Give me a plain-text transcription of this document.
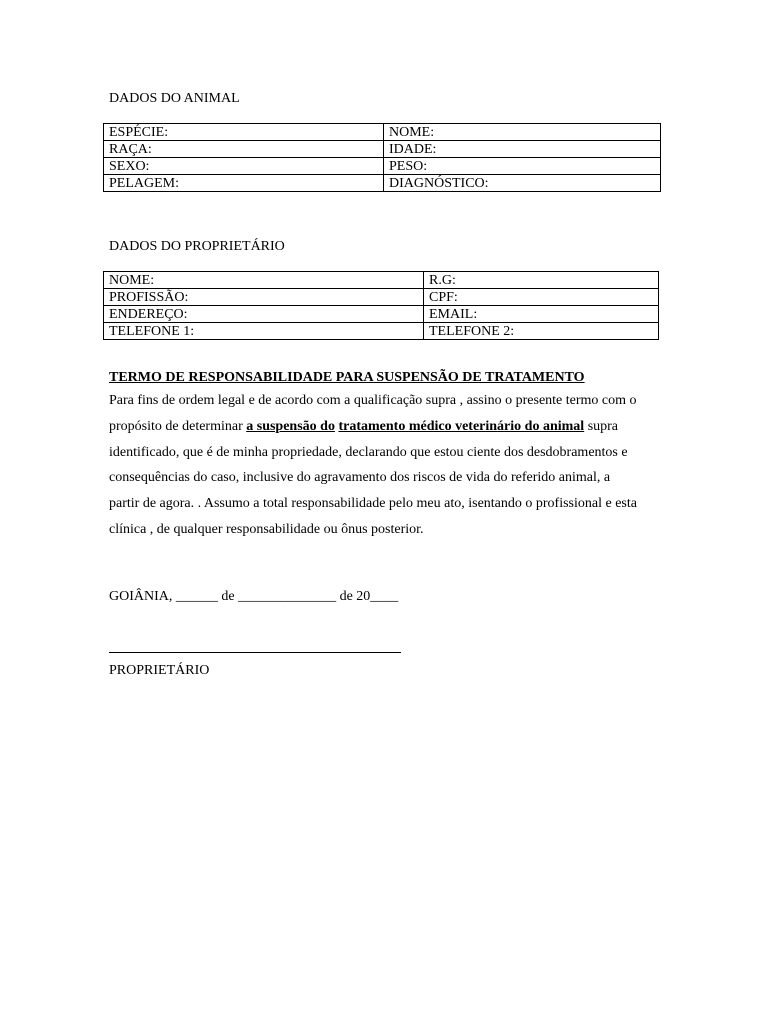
DADOS DO ANIMAL
ESPÉCIE:	NOME:
RAÇA:	IDADE:
SEXO:	PESO:
PELAGEM:	DIAGNÓSTICO:
DADOS DO PROPRIETÁRIO
NOME:	R.G:
PROFISSÃO:	CPF:
ENDEREÇO:	EMAIL:
TELEFONE 1:	TELEFONE 2:
TERMO DE RESPONSABILIDADE PARA SUSPENSÃO DE TRATAMENTO
Para fins de ordem legal e de acordo com a qualificação supra , assino o presente termo com o
propósito de determinar a suspensão do tratamento médico veterinário do animal supra
identificado, que é de minha propriedade, declarando que estou ciente dos desdobramentos e
consequências do caso, inclusive do agravamento dos riscos de vida do referido animal, a
partir de agora. . Assumo a total responsabilidade pelo meu ato, isentando o profissional e esta
clínica , de qualquer responsabilidade ou ônus posterior.
GOIÂNIA, ______ de ______________ de 20____
PROPRIETÁRIO
